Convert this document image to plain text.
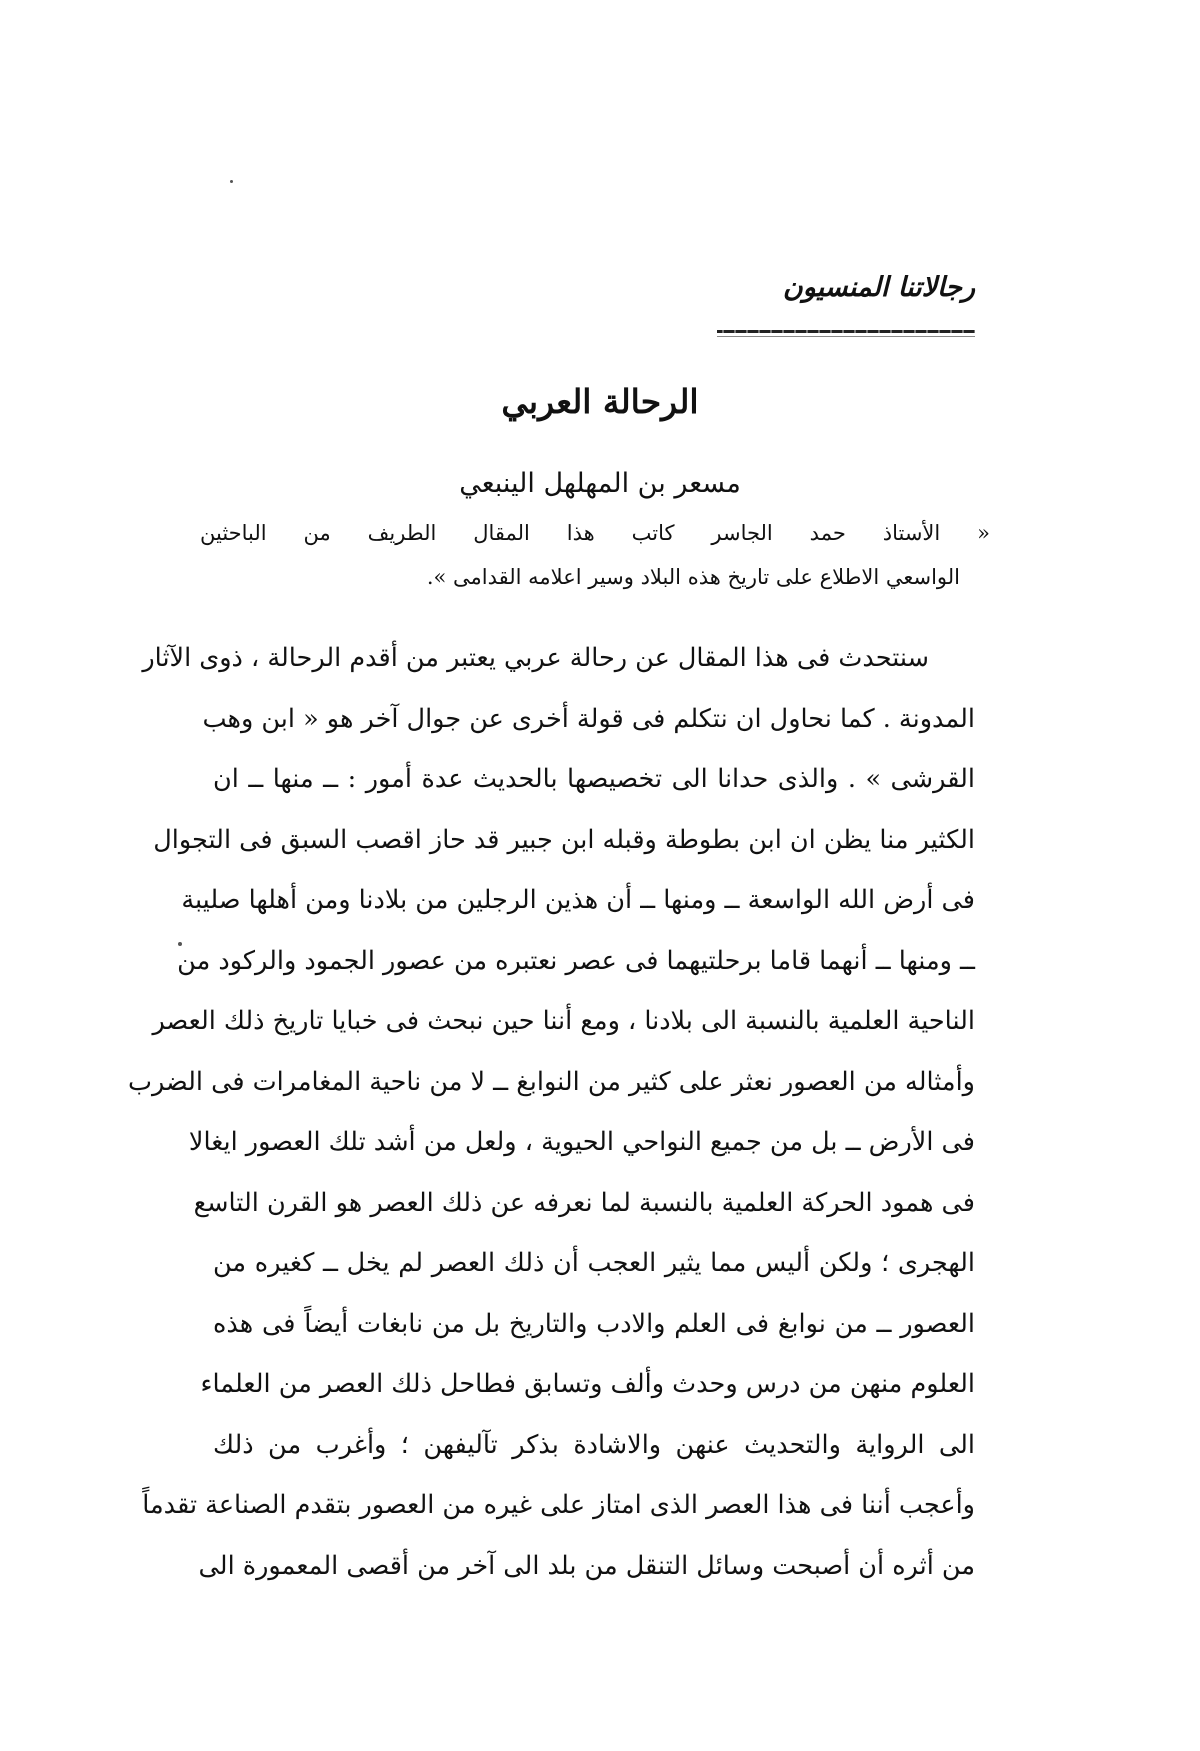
رجالاتنا المنسيون
الرحالة العربي
مسعر بن المهلهل الينبعي
« الأستاذ حمد الجاسر كاتب هذا المقال الطريف من الباحثين
الواسعي الاطلاع على تاريخ هذه البلاد وسير اعلامه القدامى ».
سنتحدث فى هذا المقال عن رحالة عربي يعتبر من أقدم الرحالة ، ذوى الآثار
المدونة . كما نحاول ان نتكلم فى قولة أخرى عن جوال آخر هو « ابن وهب
القرشى » . والذى حدانا الى تخصيصها بالحديث عدة أمور : ــ منها ــ ان
الكثير منا يظن ان ابن بطوطة وقبله ابن جبير قد حاز اقصب السبق فى التجوال
فى أرض الله الواسعة ــ ومنها ــ أن هذين الرجلين من بلادنا ومن أهلها صليبة
ــ ومنها ــ أنهما قاما برحلتيهما فى عصر نعتبره من عصور الجمود والركود من
الناحية العلمية بالنسبة الى بلادنا ، ومع أننا حين نبحث فى خبايا تاريخ ذلك العصر
وأمثاله من العصور نعثر على كثير من النوابغ ــ لا من ناحية المغامرات فى الضرب
فى الأرض ــ بل من جميع النواحي الحيوية ، ولعل من أشد تلك العصور ايغالا
فى همود الحركة العلمية بالنسبة لما نعرفه عن ذلك العصر هو القرن التاسع
الهجرى ؛ ولكن أليس مما يثير العجب أن ذلك العصر لم يخل ــ كغيره من
العصور ــ من نوابغ فى العلم والادب والتاريخ بل من نابغات أيضاً فى هذه
العلوم منهن من درس وحدث وألف وتسابق فطاحل ذلك العصر من العلماء
الى الرواية والتحديث عنهن والاشادة بذكر تآليفهن ؛ وأغرب من ذلك
وأعجب أننا فى هذا العصر الذى امتاز على غيره من العصور بتقدم الصناعة تقدماً
من أثره أن أصبحت وسائل التنقل من بلد الى آخر من أقصى المعمورة الى
